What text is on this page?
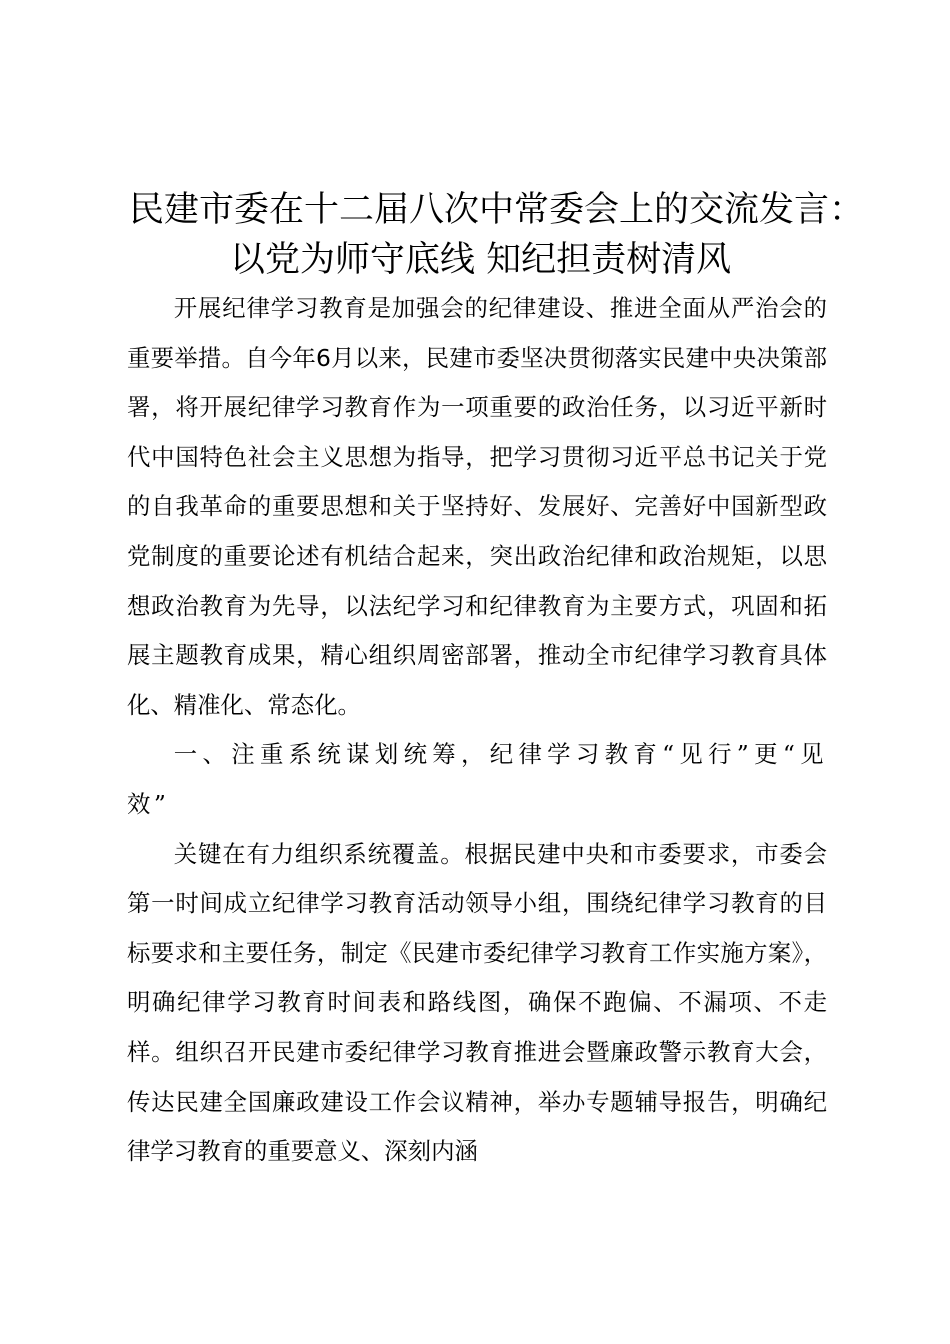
民建市委在十二届八次中常委会上的交流发言：
以党为师守底线 知纪担责树清风

开展纪律学习教育是加强会的纪律建设、推进全面从严治会的重要举措。自今年6月以来，民建市委坚决贯彻落实民建中央决策部署，将开展纪律学习教育作为一项重要的政治任务，以习近平新时代中国特色社会主义思想为指导，把学习贯彻习近平总书记关于党的自我革命的重要思想和关于坚持好、发展好、完善好中国新型政党制度的重要论述有机结合起来，突出政治纪律和政治规矩，以思想政治教育为先导，以法纪学习和纪律教育为主要方式，巩固和拓展主题教育成果，精心组织周密部署，推动全市纪律学习教育具体化、精准化、常态化。

一、注重系统谋划统筹，纪律学习教育“见行”更“见效”

关键在有力组织系统覆盖。根据民建中央和市委要求，市委会第一时间成立纪律学习教育活动领导小组，围绕纪律学习教育的目标要求和主要任务，制定《民建市委纪律学习教育工作实施方案》，明确纪律学习教育时间表和路线图，确保不跑偏、不漏项、不走样。组织召开民建市委纪律学习教育推进会暨廉政警示教育大会，传达民建全国廉政建设工作会议精神，举办专题辅导报告，明确纪律学习教育的重要意义、深刻内涵
